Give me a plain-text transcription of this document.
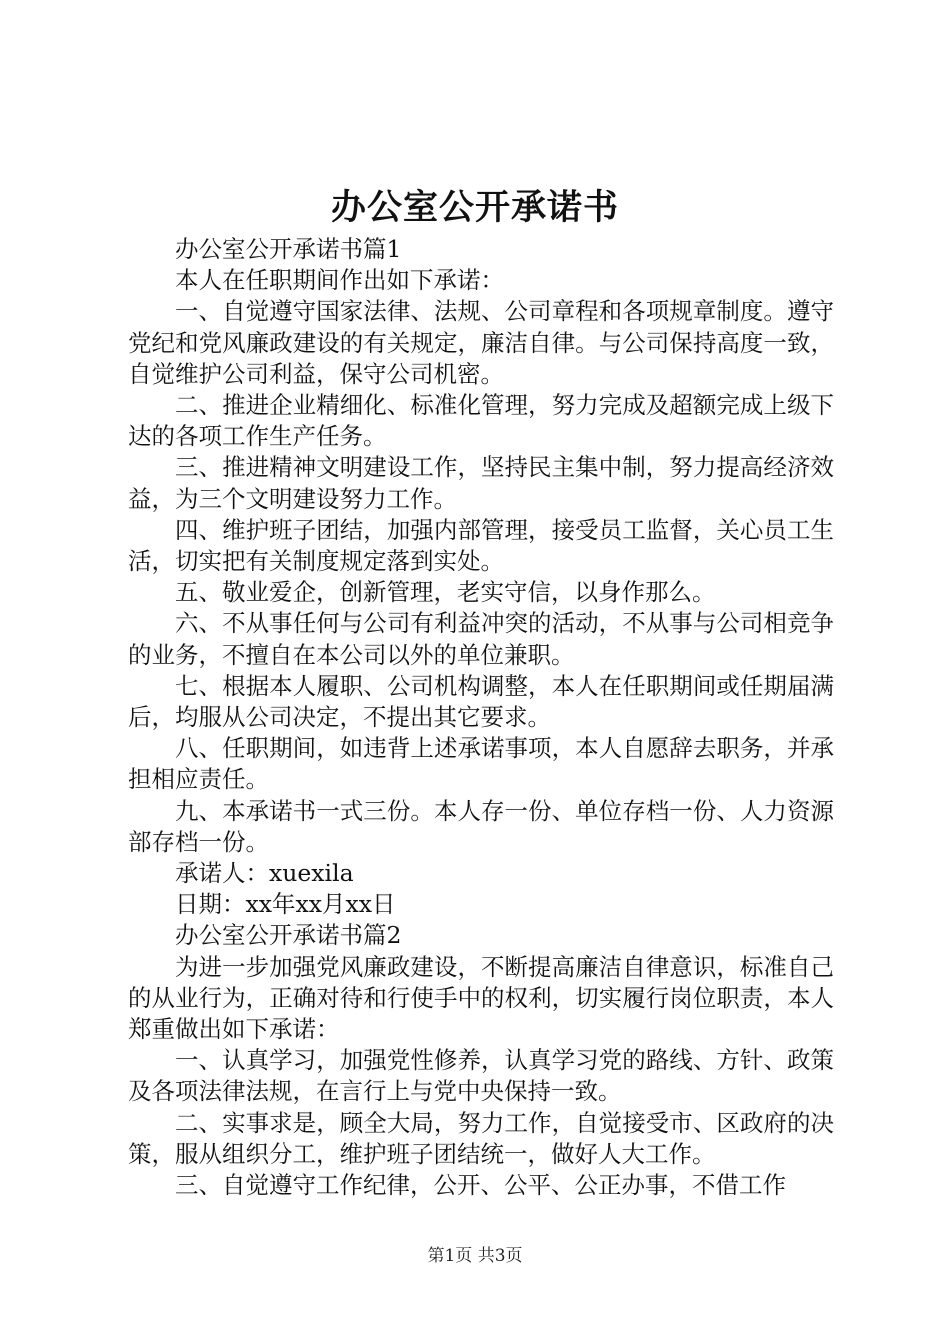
办公室公开承诺书

办公室公开承诺书篇1

本人在任职期间作出如下承诺：

一、自觉遵守国家法律、法规、公司章程和各项规章制度。遵守党纪和党风廉政建设的有关规定，廉洁自律。与公司保持高度一致，自觉维护公司利益，保守公司机密。

二、推进企业精细化、标准化管理，努力完成及超额完成上级下达的各项工作生产任务。

三、推进精神文明建设工作，坚持民主集中制，努力提高经济效益，为三个文明建设努力工作。

四、维护班子团结，加强内部管理，接受员工监督，关心员工生活，切实把有关制度规定落到实处。

五、敬业爱企，创新管理，老实守信，以身作那么。

六、不从事任何与公司有利益冲突的活动，不从事与公司相竞争的业务，不擅自在本公司以外的单位兼职。

七、根据本人履职、公司机构调整，本人在任职期间或任期届满后，均服从公司决定，不提出其它要求。

八、任职期间，如违背上述承诺事项，本人自愿辞去职务，并承担相应责任。

九、本承诺书一式三份。本人存一份、单位存档一份、人力资源部存档一份。

承诺人：xuexila

日期：xx年xx月xx日

办公室公开承诺书篇2

为进一步加强党风廉政建设，不断提高廉洁自律意识，标准自己的从业行为，正确对待和行使手中的权利，切实履行岗位职责，本人郑重做出如下承诺：

一、认真学习，加强党性修养，认真学习党的路线、方针、政策及各项法律法规，在言行上与党中央保持一致。

二、实事求是，顾全大局，努力工作，自觉接受市、区政府的决策，服从组织分工，维护班子团结统一，做好人大工作。

三、自觉遵守工作纪律，公开、公平、公正办事，不借工作

第1页 共3页
